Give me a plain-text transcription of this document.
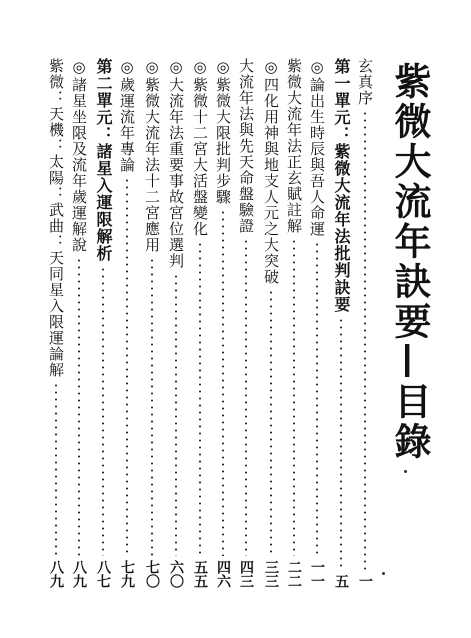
紫微大流年訣要—目錄
玄真序
一
第一單元：紫微大流年法批判訣要
五
◎論出生時辰與吾人命運
一一
紫微大流年法正玄賦註解
二二
◎四化用神與地支人元之大突破
三三
大流年法與先天命盤驗證
四三
◎紫微大限批判步驟
四六
◎紫微十二宮大活盤變化
五五
◎大流年法重要事故宮位選判
六〇
◎紫微大流年法十二宮應用
七〇
◎歲運流年專論
七九
第二單元：諸星入運限解析
八七
◎諸星坐限及流年歲運解說
八九
紫微：天機：太陽：武曲：天同星入限運論解
八九
